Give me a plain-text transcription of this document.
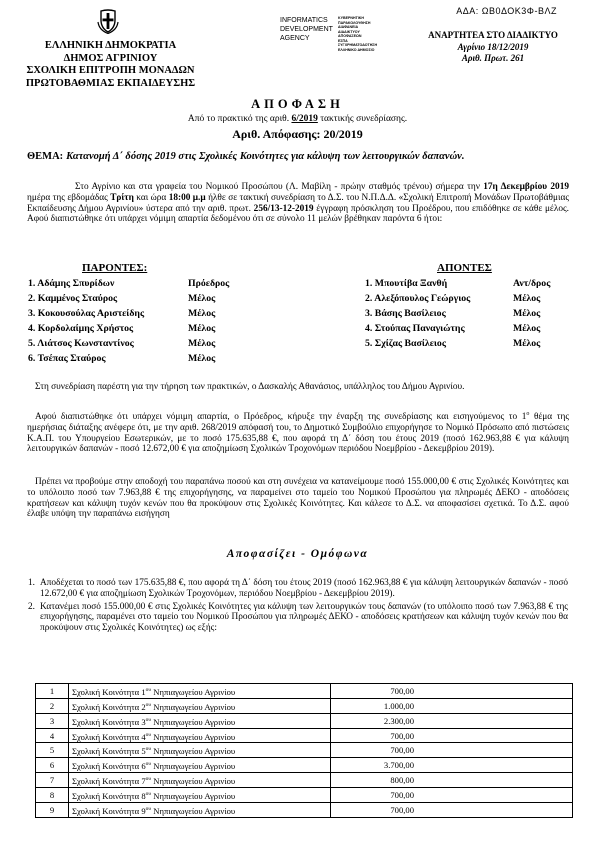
ΑΔΑ: ΩΒ0ΔΟΚ3Φ-ΒΛΖ
ΕΛΛΗΝΙΚΗ ΔΗΜΟΚΡΑΤΙΑ
ΔΗΜΟΣ ΑΓΡΙΝΙΟΥ
ΣΧΟΛΙΚΗ ΕΠΙΤΡΟΠΗ ΜΟΝΑΔΩΝ
ΠΡΩΤΟΒΑΘΜΙΑΣ ΕΚΠΑΙΔΕΥΣΗΣ
INFORMATICS
DEVELOPMENT
AGENCY
ΚΥΒΕΡΝΗΤΙΚΗ ΠΑΡΑΚΟΛΟΥΘΗΣΗ
ΔΙΑΦΑΝΕΙΑ
ΔΙΑΔΙΚΤΥΟΥ
ΑΠΟΦΑΣΕΩΝ
ΕΣΠΑ
ΣΥΓΧΡΗΜΑΤΟΔΟΤΗΣΗ
ΕΛΛΗΝΙΚΟ ΔΗΜΟΣΙΟ
ΑΝΑΡΤΗΤΕΑ ΣΤΟ ΔΙΑΔΙΚΤΥΟ
Αγρίνιο 18/12/2019
Αριθ. Πρωτ. 261
ΑΠΟΦΑΣΗ
Από το πρακτικό της αριθ. 6/2019 τακτικής συνεδρίασης.
Αριθ. Απόφασης: 20/2019
ΘΕΜΑ: Κατανομή Δ΄ δόσης 2019 στις Σχολικές Κοινότητες για κάλυψη των λειτουργικών δαπανών.
Στο Αγρίνιο και στα γραφεία του Νομικού Προσώπου (Λ. Μαβίλη - πρώην σταθμός τρένου) σήμερα την 17η Δεκεμβρίου 2019 ημέρα της εβδομάδας Τρίτη και ώρα 18:00 μ.μ ήλθε σε τακτική συνεδρίαση το Δ.Σ. του Ν.Π.Δ.Δ. «Σχολική Επιτροπή Μονάδων Πρωτοβάθμιας Εκπαίδευσης Δήμου Αγρινίου» ύστερα από την αριθ. πρωτ. 256/13-12-2019 έγγραφη πρόσκληση του Προέδρου, που επιδόθηκε σε κάθε μέλος. Αφού διαπιστώθηκε ότι υπάρχει νόμιμη απαρτία δεδομένου ότι σε σύνολο 11 μελών βρέθηκαν παρόντα 6 ήτοι:
ΠΑΡΟΝΤΕΣ:	ΑΠΟΝΤΕΣ
1. Αδάμης Σπυρίδων	Πρόεδρος
2. Καμμένος Σταύρος	Μέλος
3. Κοκουσούλας Αριστείδης	Μέλος
4. Κορδολαίμης Χρήστος	Μέλος
5. Λιάτσος Κωνσταντίνος	Μέλος
6. Τσέπας Σταύρος	Μέλος
1. Μπουτίβα Ξανθή	Αντ/δρος
2. Αλεξόπουλος Γεώργιος	Μέλος
3. Βάσης Βασίλειος	Μέλος
4. Στούπας Παναγιώτης	Μέλος
5. Σχίζας Βασίλειος	Μέλος
Στη συνεδρίαση παρέστη για την τήρηση των πρακτικών, ο Δασκαλής Αθανάσιος, υπάλληλος του Δήμου Αγρινίου.
Αφού διαπιστώθηκε ότι υπάρχει νόμιμη απαρτία, ο Πρόεδρος, κήρυξε την έναρξη της συνεδρίασης και εισηγούμενος το $1^o$ θέμα της ημερήσιας διάταξης ανέφερε ότι, με την αριθ. 268/2019 απόφασή του, το Δημοτικό Συμβούλιο επιχορήγησε το Νομικό Πρόσωπο από πιστώσεις Κ.Α.Π. του Υπουργείου Εσωτερικών, με το ποσό 175.635,88 €, που αφορά τη Δ΄ δόση του έτους 2019 (ποσό 162.963,88 € για κάλυψη λειτουργικών δαπανών - ποσό 12.672,00 € για αποζημίωση Σχολικών Τροχονόμων περιόδου Νοεμβρίου - Δεκεμβρίου 2019).
Πρέπει να προβούμε στην αποδοχή του παραπάνω ποσού και στη συνέχεια να κατανείμουμε ποσό 155.000,00 € στις Σχολικές Κοινότητες και το υπόλοιπο ποσό των 7.963,88 € της επιχορήγησης, να παραμείνει στο ταμείο του Νομικού Προσώπου για πληρωμές ΔΕΚΟ - αποδόσεις κρατήσεων και κάλυψη τυχόν κενών που θα προκύψουν στις Σχολικές Κοινότητες. Και κάλεσε το Δ.Σ. να αποφασίσει σχετικά. Το Δ.Σ. αφού έλαβε υπόψη την παραπάνω εισήγηση
Αποφασίζει - Ομόφωνα
1. Αποδέχεται το ποσό των 175.635,88 €, που αφορά τη Δ΄ δόση του έτους 2019 (ποσό 162.963,88 € για κάλυψη λειτουργικών δαπανών - ποσό 12.672,00 € για αποζημίωση Σχολικών Τροχονόμων, περιόδου Νοεμβρίου - Δεκεμβρίου 2019).
2. Κατανέμει ποσό 155.000,00 € στις Σχολικές Κοινότητες για κάλυψη των λειτουργικών τους δαπανών (το υπόλοιπο ποσό των 7.963,88 € της επιχορήγησης, παραμένει στο ταμείο του Νομικού Προσώπου για πληρωμές ΔΕΚΟ - αποδόσεις κρατήσεων και κάλυψη τυχόν κενών που θα προκύψουν στις Σχολικές Κοινότητες) ως εξής:
1	Σχολική Κοινότητα $1^{o\upsilon}$ Νηπιαγωγείου Αγρινίου	700,00	
2	Σχολική Κοινότητα $2^{o\upsilon}$ Νηπιαγωγείου Αγρινίου	1.000,00	
3	Σχολική Κοινότητα $3^{o\upsilon}$ Νηπιαγωγείου Αγρινίου	2.300,00	
4	Σχολική Κοινότητα $4^{o\upsilon}$ Νηπιαγωγείου Αγρινίου	700,00	
5	Σχολική Κοινότητα $5^{o\upsilon}$ Νηπιαγωγείου Αγρινίου	700,00	
6	Σχολική Κοινότητα $6^{o\upsilon}$ Νηπιαγωγείου Αγρινίου	3.700,00	
7	Σχολική Κοινότητα $7^{o\upsilon}$ Νηπιαγωγείου Αγρινίου	800,00	
8	Σχολική Κοινότητα $8^{o\upsilon}$ Νηπιαγωγείου Αγρινίου	700,00	
9	Σχολική Κοινότητα $9^{o\upsilon}$ Νηπιαγωγείου Αγρινίου	700,00	
